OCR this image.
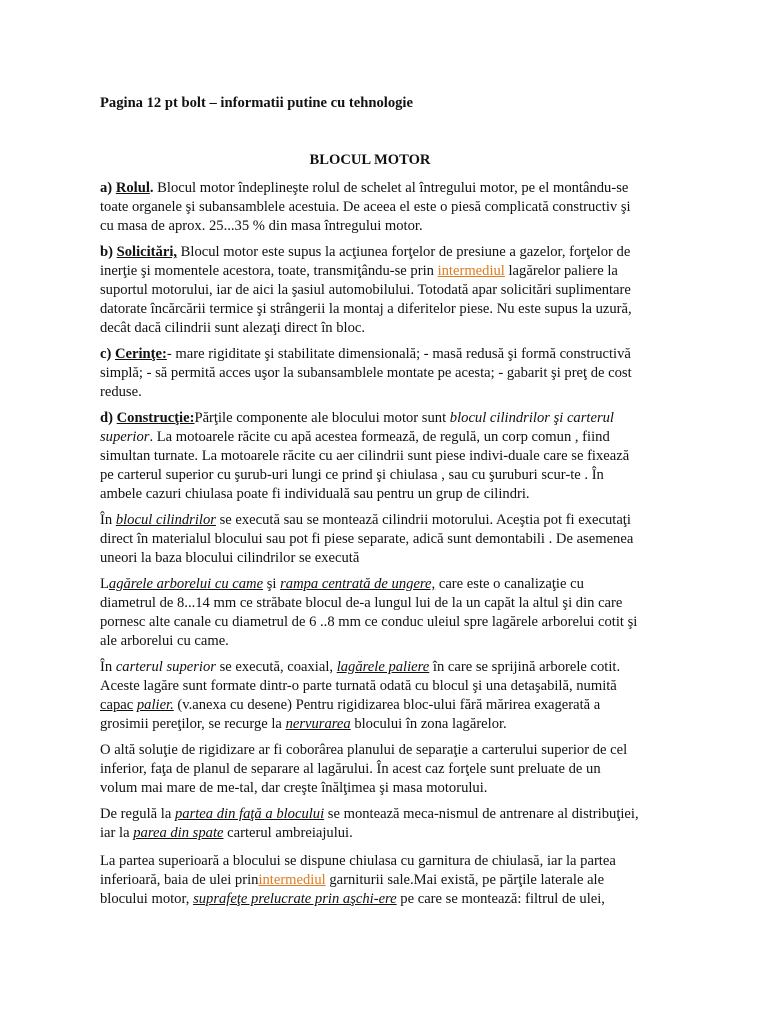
Pagina 12 pt bolt – informatii putine cu tehnologie

BLOCUL MOTOR

a) Rolul. Blocul motor îndeplineşte rolul de schelet al întregului motor, pe el montându-se toate organele şi subansamblele acestuia. De aceea el este o piesă complicată constructiv şi cu masa de aprox. 25...35 % din masa întregului motor.

b) Solicitări, Blocul motor este supus la acţiunea forţelor de presiune a gazelor, forţelor de inerţie şi momentele acestora, toate, transmiţându-se prin intermediul lagărelor paliere la suportul motorului, iar de aici la şasiul automobilului. Totodată apar solicitări suplimentare datorate încărcării termice şi strângerii la montaj a diferitelor piese. Nu este supus la uzură, decât dacă cilindrii sunt alezaţi direct în bloc.

c) Cerinţe:- mare rigiditate şi stabilitate dimensională; - masă redusă şi formă constructivă simplă; - să permită acces uşor la subansamblele montate pe acesta; - gabarit şi preţ de cost reduse.

d) Construcţie:Părţile componente ale blocului motor sunt blocul cilindrilor şi carterul superior. La motoarele răcite cu apă acestea formează, de regulă, un corp comun , fiind simultan turnate. La motoarele răcite cu aer cilindrii sunt piese indivi-duale care se fixează pe carterul superior cu şurub-uri lungi ce prind şi chiulasa , sau cu şuruburi scur-te . În ambele cazuri chiulasa poate fi individuală sau pentru un grup de cilindri.

În blocul cilindrilor se execută sau se montează cilindrii motorului. Aceştia pot fi executaţi direct în materialul blocului sau pot fi piese separate, adică sunt demontabili . De asemenea uneori la baza blocului cilindrilor se execută

Lagărele arborelui cu came şi rampa centrată de ungere, care este o canalizaţie cu diametrul de 8...14 mm ce străbate blocul de-a lungul lui de la un capăt la altul şi din care pornesc alte canale cu diametrul de 6 ..8 mm ce conduc uleiul spre lagărele arborelui cotit şi ale arborelui cu came.

În carterul superior se execută, coaxial, lagărele paliere în care se sprijină arborele cotit. Aceste lagăre sunt formate dintr-o parte turnată odată cu blocul şi una detaşabilă, numită capac palier. (v.anexa cu desene) Pentru rigidizarea bloc-ului fără mărirea exagerată a grosimii pereţilor, se recurge la nervurarea blocului în zona lagărelor.

O altă soluţie de rigidizare ar fi coborârea planului de separaţie a carterului superior de cel inferior, faţa de planul de separare al lagărului. În acest caz forţele sunt preluate de un volum mai mare de me-tal, dar creşte înălţimea şi masa motorului.

De regulă la partea din faţă a blocului se montează meca-nismul de antrenare al distribuţiei, iar la parea din spate carterul ambreiajului.

La partea superioară a blocului se dispune chiulasa cu garnitura de chiulasă, iar la partea inferioară, baia de ulei prinintermediul garniturii sale.Mai există, pe părţile laterale ale blocului motor, suprafeţe prelucrate prin aşchi-ere pe care se montează: filtrul de ulei,
